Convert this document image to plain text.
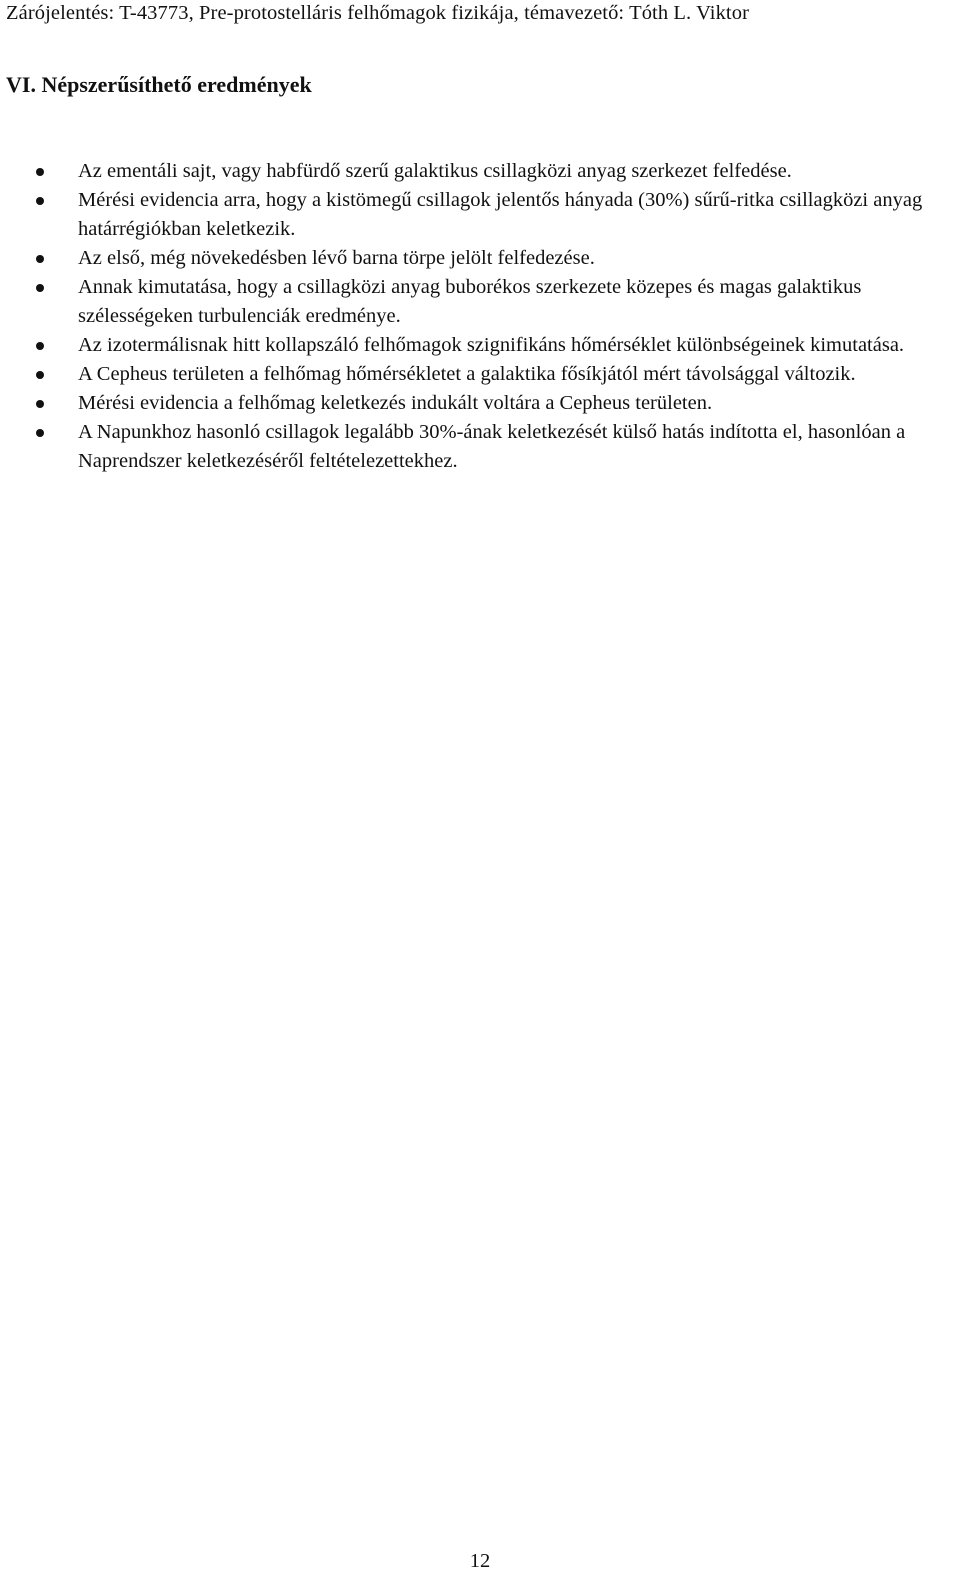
Zárójelentés: T-43773, Pre-protostelláris felhőmagok fizikája, témavezető: Tóth L. Viktor
VI. Népszerűsíthető eredmények
Az ementáli sajt, vagy habfürdő szerű galaktikus csillagközi anyag szerkezet felfedése.
Mérési evidencia arra, hogy a kistömegű csillagok jelentős hányada (30%) sűrű-ritka csillagközi anyag határrégiókban keletkezik.
Az első, még növekedésben lévő barna törpe jelölt felfedezése.
Annak kimutatása, hogy a csillagközi anyag buborékos szerkezete közepes és magas galaktikus szélességeken turbulenciák eredménye.
Az izotermálisnak hitt kollapszáló felhőmagok szignifikáns hőmérséklet különbségeinek kimutatása.
A Cepheus területen a felhőmag hőmérsékletet a galaktika fősíkjától mért távolsággal változik.
Mérési evidencia a felhőmag keletkezés indukált voltára a Cepheus területen.
A Napunkhoz hasonló csillagok legalább 30%-ának keletkezését külső hatás indította el, hasonlóan a Naprendszer keletkezéséről feltételezettekhez.
12
